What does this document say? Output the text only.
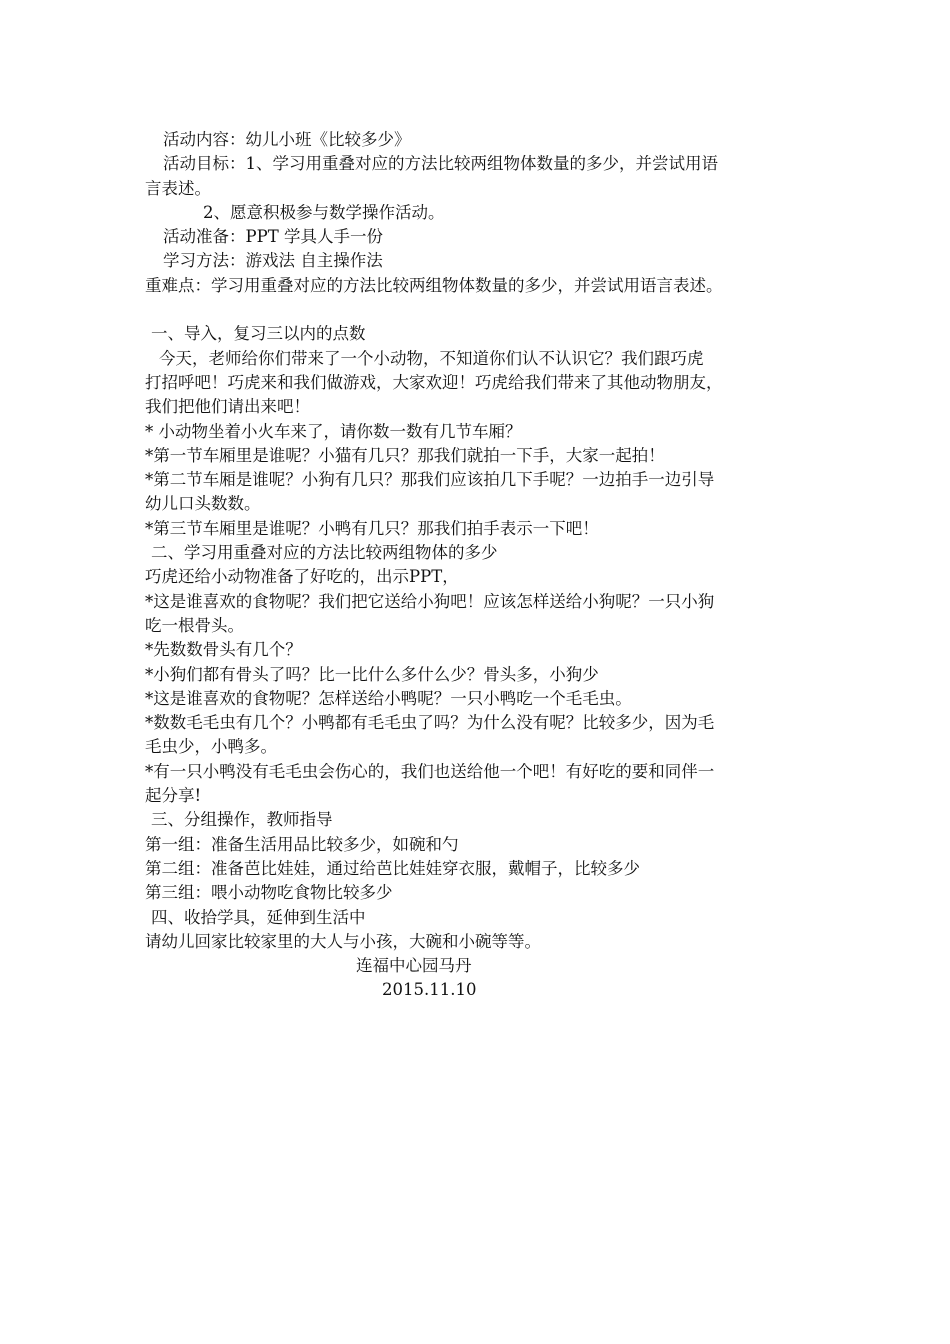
活动内容：幼儿小班《比较多少》
活动目标：1、学习用重叠对应的方法比较两组物体数量的多少，并尝试用语
言表述。
2、愿意积极参与数学操作活动。
活动准备：PPT 学具人手一份
学习方法：游戏法 自主操作法
重难点：学习用重叠对应的方法比较两组物体数量的多少，并尝试用语言表述。
一、导入，复习三以内的点数
今天，老师给你们带来了一个小动物，不知道你们认不认识它？我们跟巧虎
打招呼吧！巧虎来和我们做游戏，大家欢迎！巧虎给我们带来了其他动物朋友，
我们把他们请出来吧！
* 小动物坐着小火车来了，请你数一数有几节车厢？
*第一节车厢里是谁呢？小猫有几只？那我们就拍一下手，大家一起拍！
*第二节车厢是谁呢？小狗有几只？那我们应该拍几下手呢？一边拍手一边引导
幼儿口头数数。
*第三节车厢里是谁呢？小鸭有几只？那我们拍手表示一下吧！
二、学习用重叠对应的方法比较两组物体的多少
巧虎还给小动物准备了好吃的，出示PPT，
*这是谁喜欢的食物呢？我们把它送给小狗吧！应该怎样送给小狗呢？一只小狗
吃一根骨头。
*先数数骨头有几个？
*小狗们都有骨头了吗？比一比什么多什么少？骨头多，小狗少
*这是谁喜欢的食物呢？怎样送给小鸭呢？一只小鸭吃一个毛毛虫。
*数数毛毛虫有几个？小鸭都有毛毛虫了吗？为什么没有呢？比较多少，因为毛
毛虫少，小鸭多。
*有一只小鸭没有毛毛虫会伤心的，我们也送给他一个吧！有好吃的要和同伴一
起分享!
三、分组操作，教师指导
第一组：准备生活用品比较多少，如碗和勺
第二组：准备芭比娃娃，通过给芭比娃娃穿衣服，戴帽子，比较多少
第三组：喂小动物吃食物比较多少
四、收拾学具，延伸到生活中
请幼儿回家比较家里的大人与小孩，大碗和小碗等等。
连福中心园马丹
2015.11.10
